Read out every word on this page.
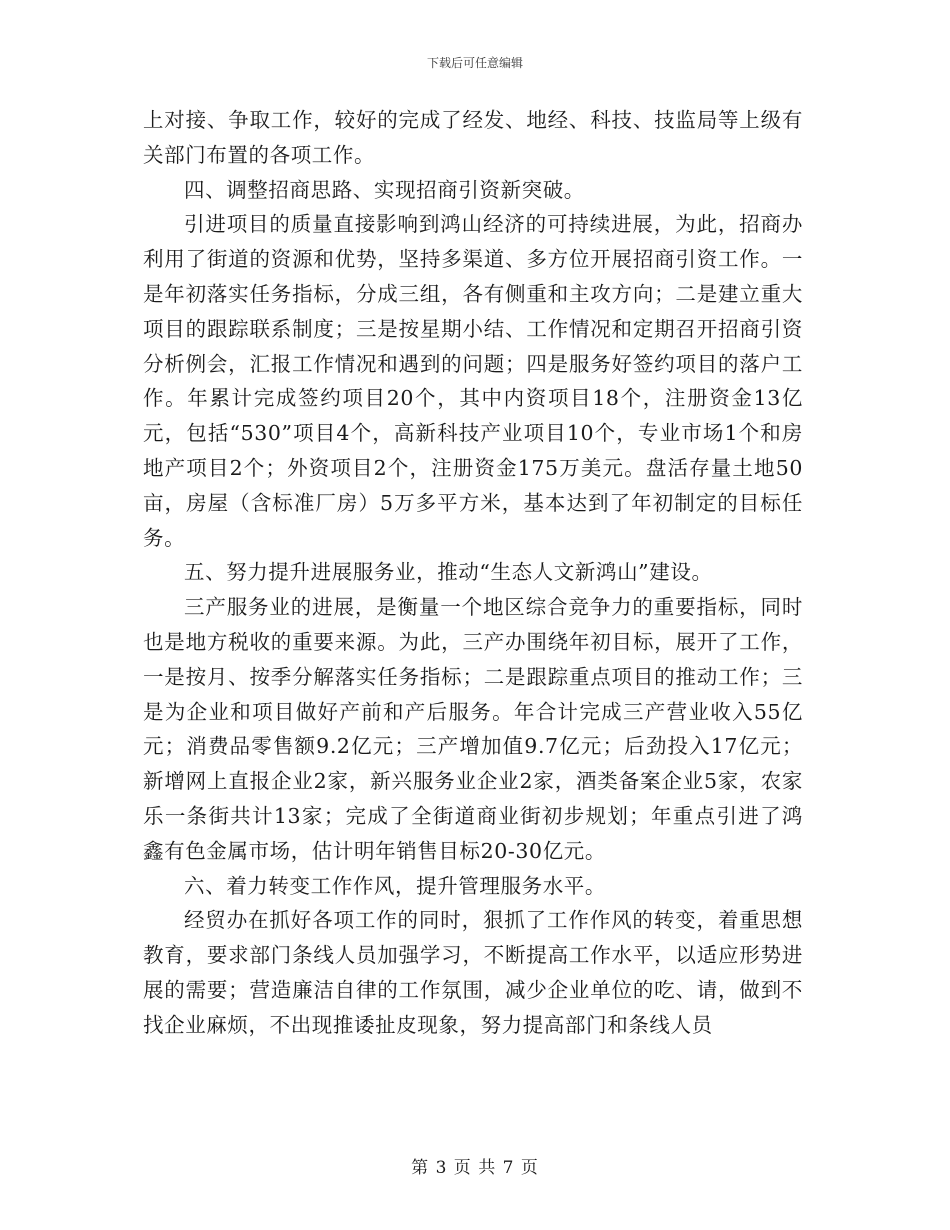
下载后可任意编辑

上对接、争取工作，较好的完成了经发、地经、科技、技监局等上级有关部门布置的各项工作。

四、调整招商思路、实现招商引资新突破。

引进项目的质量直接影响到鸿山经济的可持续进展，为此，招商办利用了街道的资源和优势，坚持多渠道、多方位开展招商引资工作。一是年初落实任务指标，分成三组，各有侧重和主攻方向；二是建立重大项目的跟踪联系制度；三是按星期小结、工作情况和定期召开招商引资分析例会，汇报工作情况和遇到的问题；四是服务好签约项目的落户工作。年累计完成签约项目20个，其中内资项目18个，注册资金13亿元，包括“530”项目4个，高新科技产业项目10个，专业市场1个和房地产项目2个；外资项目2个，注册资金175万美元。盘活存量土地50亩，房屋（含标准厂房）5万多平方米，基本达到了年初制定的目标任务。

五、努力提升进展服务业，推动“生态人文新鸿山”建设。

三产服务业的进展，是衡量一个地区综合竞争力的重要指标，同时也是地方税收的重要来源。为此，三产办围绕年初目标，展开了工作，一是按月、按季分解落实任务指标；二是跟踪重点项目的推动工作；三是为企业和项目做好产前和产后服务。年合计完成三产营业收入55亿元；消费品零售额9.2亿元；三产增加值9.7亿元；后劲投入17亿元；新增网上直报企业2家，新兴服务业企业2家，酒类备案企业5家，农家乐一条街共计13家；完成了全街道商业街初步规划；年重点引进了鸿鑫有色金属市场，估计明年销售目标20-30亿元。

六、着力转变工作作风，提升管理服务水平。

经贸办在抓好各项工作的同时，狠抓了工作作风的转变，着重思想教育，要求部门条线人员加强学习，不断提高工作水平，以适应形势进展的需要；营造廉洁自律的工作氛围，减少企业单位的吃、请，做到不找企业麻烦，不出现推诿扯皮现象，努力提高部门和条线人员

第 3 页 共 7 页
